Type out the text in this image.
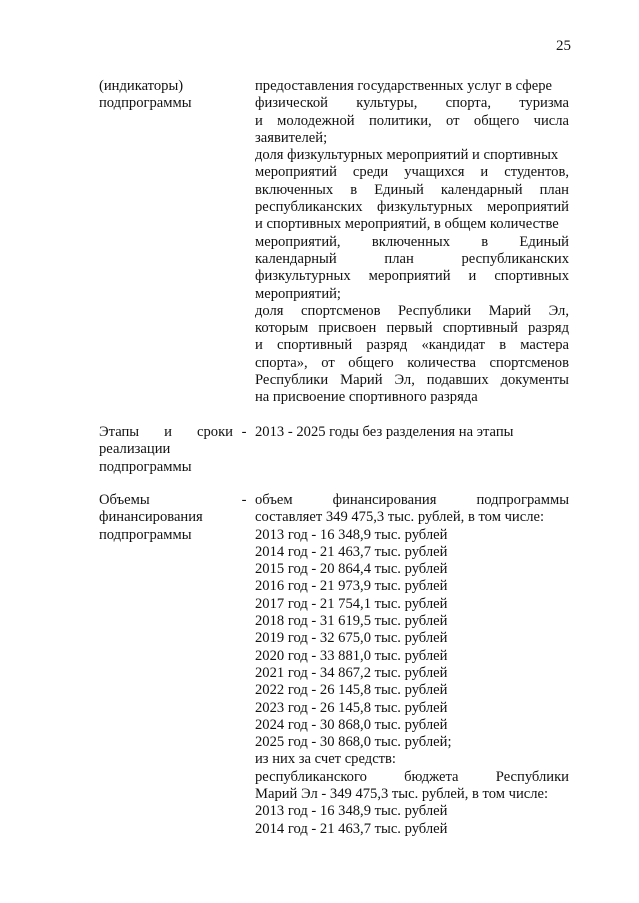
25
(индикаторы)
подпрограммы
предоставления государственных услуг в сфере
физической культуры, спорта, туризма
и молодежной политики, от общего числа
заявителей;
доля физкультурных мероприятий и спортивных
мероприятий среди учащихся и студентов,
включенных в Единый календарный план
республиканских физкультурных мероприятий
и спортивных мероприятий, в общем количестве
мероприятий, включенных в Единый
календарный план республиканских
физкультурных мероприятий и спортивных
мероприятий;
доля спортсменов Республики Марий Эл,
которым присвоен первый спортивный разряд
и спортивный разряд «кандидат в мастера
спорта», от общего количества спортсменов
Республики Марий Эл, подавших документы
на присвоение спортивного разряда
Этапы и сроки
реализации
подпрограммы
- 2013 - 2025 годы без разделения на этапы
Объемы
финансирования
подпрограммы
- объем финансирования подпрограммы
составляет 349 475,3 тыс. рублей, в том числе:
2013 год - 16 348,9 тыс. рублей
2014 год - 21 463,7 тыс. рублей
2015 год - 20 864,4 тыс. рублей
2016 год - 21 973,9 тыс. рублей
2017 год - 21 754,1 тыс. рублей
2018 год - 31 619,5 тыс. рублей
2019 год - 32 675,0 тыс. рублей
2020 год - 33 881,0 тыс. рублей
2021 год - 34 867,2 тыс. рублей
2022 год - 26 145,8 тыс. рублей
2023 год - 26 145,8 тыс. рублей
2024 год - 30 868,0 тыс. рублей
2025 год - 30 868,0 тыс. рублей;
из них за счет средств:
республиканского бюджета Республики
Марий Эл - 349 475,3 тыс. рублей, в том числе:
2013 год - 16 348,9 тыс. рублей
2014 год - 21 463,7 тыс. рублей
